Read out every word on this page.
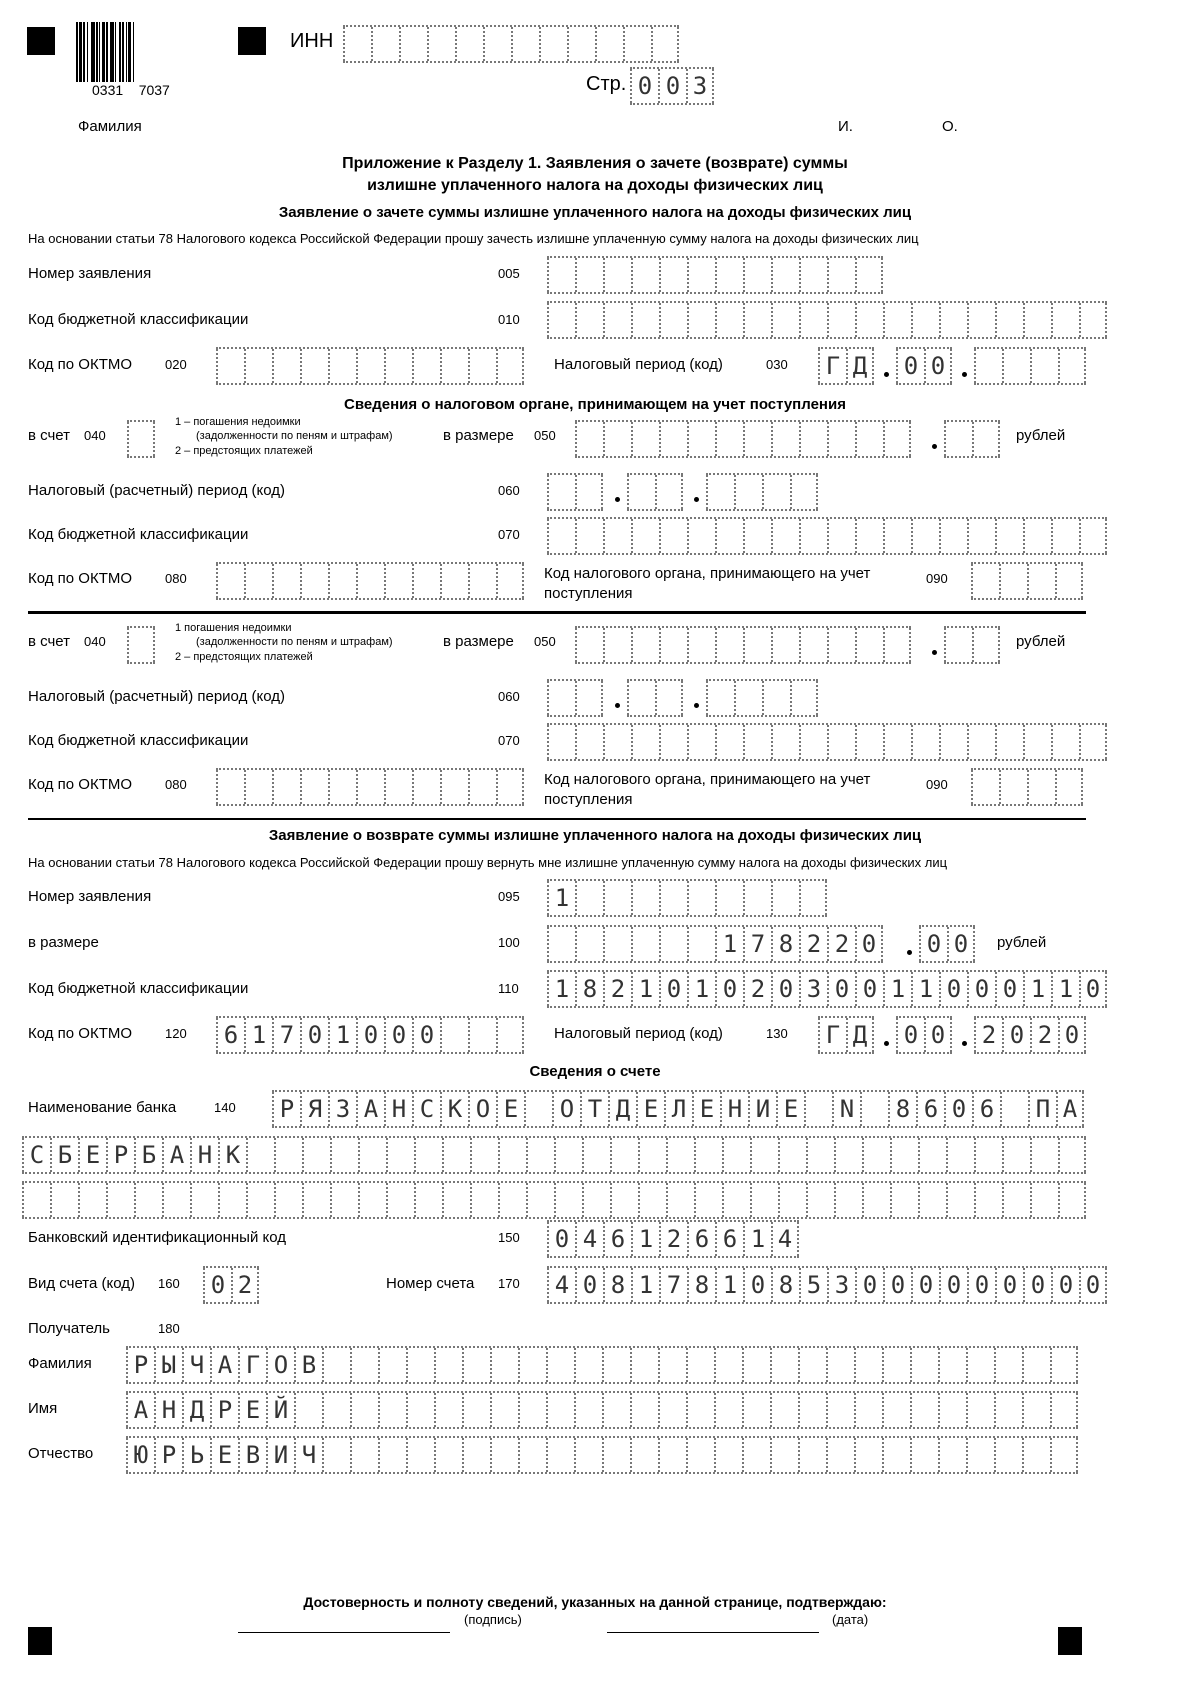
0331    7037
ИНН
Стр. 0 0 3
Фамилия	И.	О.
Приложение к Разделу 1. Заявления о зачете (возврате) суммы
излишне уплаченного налога на доходы физических лиц
Заявление о зачете суммы излишне уплаченного налога на доходы физических лиц
На основании статьи 78 Налогового кодекса Российской Федерации прошу зачесть излишне уплаченную сумму налога на доходы физических лиц
Номер заявления	005
Код бюджетной классификации	010
Код по ОКТМО	020	Налоговый период (код)	030	Г Д	0 0
Сведения о налоговом органе, принимающем на учет поступления
в счет 040
1 – погашения недоимки
(задолженности по пеням и штрафам)
2 – предстоящих платежей
в размере 050	рублей
Налоговый (расчетный) период (код)	060
Код бюджетной классификации	070
Код по ОКТМО	080	Код налогового органа, принимающего на учет
поступления
090
в счет 040
1 погашения недоимки
(задолженности по пеням и штрафам)
2 – предстоящих платежей
в размере 050	рублей
Налоговый (расчетный) период (код)	060
Код бюджетной классификации	070
Код по ОКТМО	080	Код налогового органа, принимающего на учет
поступления
090
Заявление о возврате суммы излишне уплаченного налога на доходы физических лиц
На основании статьи 78 Налогового кодекса Российской Федерации прошу вернуть мне излишне уплаченную сумму налога на доходы физических лиц
Номер заявления	095	1
в размере	100	1 7 8 2 2 0	0 0	рублей
Код бюджетной классификации	110	1 8 2 1 0 1 0 2 0 3 0 0 1 1 0 0 0 1 1 0
Код по ОКТМО	120	6 1 7 0 1 0 0 0	Налоговый период (код)	130	Г Д	0 0	2 0 2 0
Сведения о счете
Наименование банка	140	Р Я З А Н С К О Е	О Т Д Е Л Е Н И Е	N	8 6 0 6	П А
С Б Е Р Б А Н К
Банковский идентификационный код	150	0 4 6 1 2 6 6 1 4
Вид счета (код) 160	0 2	Номер счета 170	4 0 8 1 7 8 1 0 8 5 3 0 0 0 0 0 0 0 0 0
Получатель	180
Фамилия	Р Ы Ч А Г О В
Имя	А Н Д Р Е Й
Отчество	Ю Р Ь Е В И Ч
Достоверность и полноту сведений, указанных на данной странице, подтверждаю:
(подпись)	(дата)
